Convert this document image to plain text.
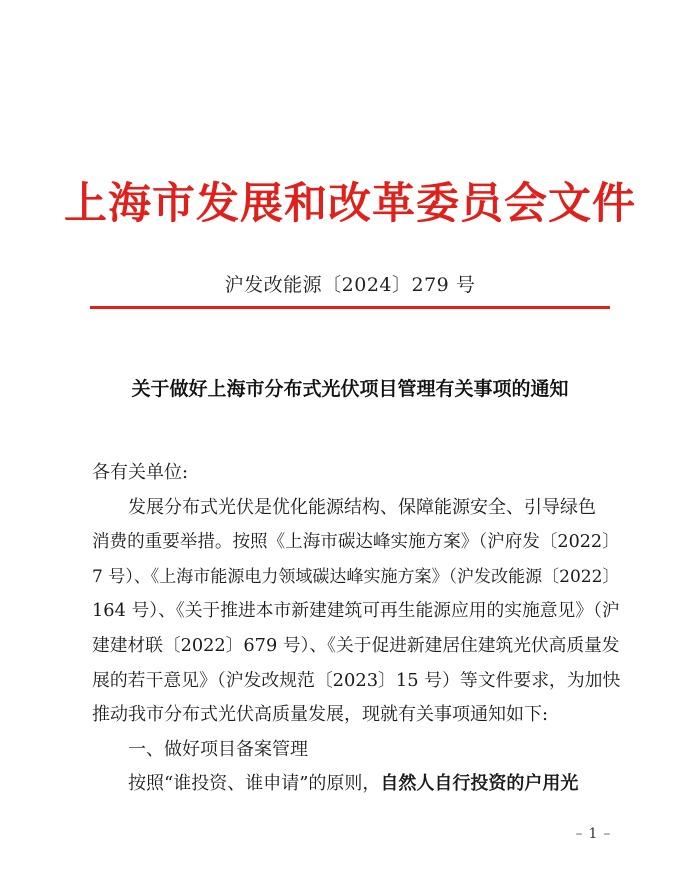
上海市发展和改革委员会文件
沪发改能源〔2024〕279 号
关于做好上海市分布式光伏项目管理有关事项的通知
各有关单位:
发展分布式光伏是优化能源结构、保障能源安全、引导绿色
消费的重要举措。按照《上海市碳达峰实施方案》（沪府发〔2022〕
7 号）、《上海市能源电力领域碳达峰实施方案》（沪发改能源〔2022〕
164 号）、《关于推进本市新建建筑可再生能源应用的实施意见》（沪
建建材联〔2022〕679 号）、《关于促进新建居住建筑光伏高质量发
展的若干意见》（沪发改规范〔2023〕15 号）等文件要求，为加快
推动我市分布式光伏高质量发展，现就有关事项通知如下:
一、做好项目备案管理
按照“谁投资、谁申请”的原则，自然人自行投资的户用光
– 1 –
